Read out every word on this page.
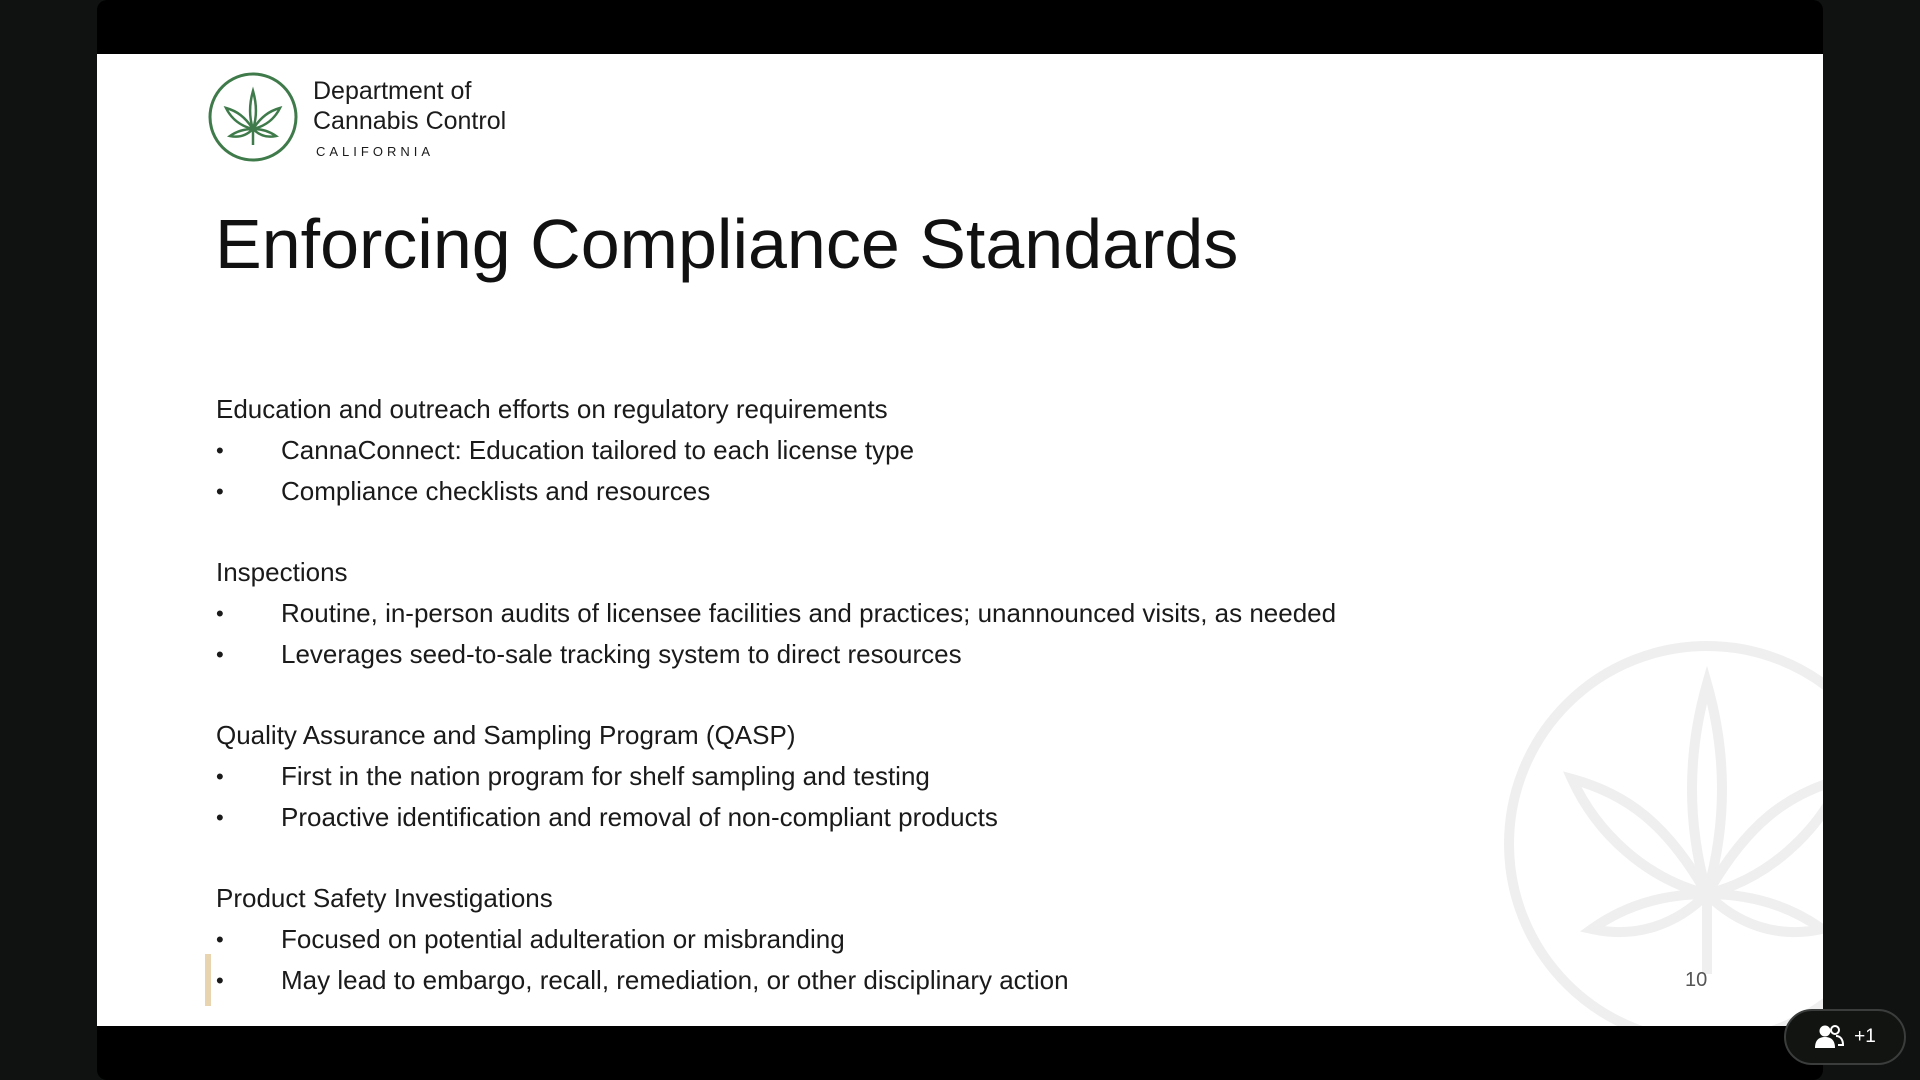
Department of
Cannabis Control
CALIFORNIA
Enforcing Compliance Standards
Education and outreach efforts on regulatory requirements
• CannaConnect: Education tailored to each license type
• Compliance checklists and resources
Inspections
• Routine, in-person audits of licensee facilities and practices; unannounced visits, as needed
• Leverages seed-to-sale tracking system to direct resources
Quality Assurance and Sampling Program (QASP)
• First in the nation program for shelf sampling and testing
• Proactive identification and removal of non-compliant products
Product Safety Investigations
• Focused on potential adulteration or misbranding
• May lead to embargo, recall, remediation, or other disciplinary action	10
+1
